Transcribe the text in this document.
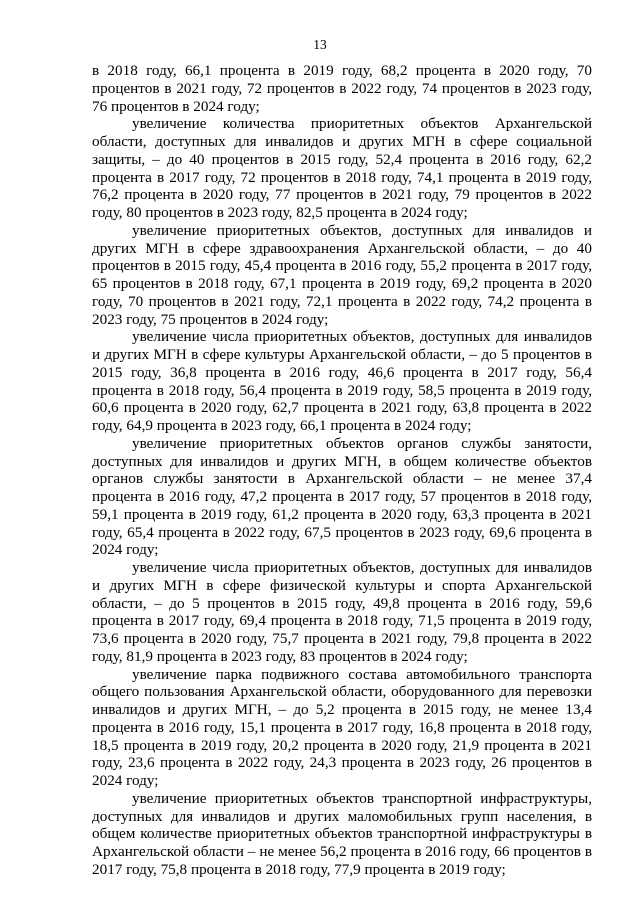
13

в 2018 году, 66,1 процента в 2019 году, 68,2 процента в 2020 году, 70 процентов в 2021 году, 72 процентов в 2022 году, 74 процентов в 2023 году, 76 процентов в 2024 году;

увеличение количества приоритетных объектов Архангельской области, доступных для инвалидов и других МГН в сфере социальной защиты, – до 40 процентов в 2015 году, 52,4 процента в 2016 году, 62,2 процента в 2017 году, 72 процентов в 2018 году, 74,1 процента в 2019 году, 76,2 процента в 2020 году, 77 процентов в 2021 году, 79 процентов в 2022 году, 80 процентов в 2023 году, 82,5 процента в 2024 году;

увеличение приоритетных объектов, доступных для инвалидов и других МГН в сфере здравоохранения Архангельской области, – до 40 процентов в 2015 году, 45,4 процента в 2016 году, 55,2 процента в 2017 году, 65 процентов в 2018 году, 67,1 процента в 2019 году, 69,2 процента в 2020 году, 70 процентов в 2021 году, 72,1 процента в 2022 году, 74,2 процента в 2023 году, 75 процентов в 2024 году;

увеличение числа приоритетных объектов, доступных для инвалидов и других МГН в сфере культуры Архангельской области, – до 5 процентов в 2015 году, 36,8 процента в 2016 году, 46,6 процента в 2017 году, 56,4 процента в 2018 году, 56,4 процента в 2019 году, 58,5 процента в 2019 году, 60,6 процента в 2020 году, 62,7 процента в 2021 году, 63,8 процента в 2022 году, 64,9 процента в 2023 году, 66,1 процента в 2024 году;

увеличение приоритетных объектов органов службы занятости, доступных для инвалидов и других МГН, в общем количестве объектов органов службы занятости в Архангельской области – не менее 37,4 процента в 2016 году, 47,2 процента в 2017 году, 57 процентов в 2018 году, 59,1 процента в 2019 году, 61,2 процента в 2020 году, 63,3 процента в 2021 году, 65,4 процента в 2022 году, 67,5 процентов в 2023 году, 69,6 процента в 2024 году;

увеличение числа приоритетных объектов, доступных для инвалидов и других МГН в сфере физической культуры и спорта Архангельской области, – до 5 процентов в 2015 году, 49,8 процента в 2016 году, 59,6 процента в 2017 году, 69,4 процента в 2018 году, 71,5 процента в 2019 году, 73,6 процента в 2020 году, 75,7 процента в 2021 году, 79,8 процента в 2022 году, 81,9 процента в 2023 году, 83 процентов в 2024 году;

увеличение парка подвижного состава автомобильного транспорта общего пользования Архангельской области, оборудованного для перевозки инвалидов и других МГН, – до 5,2 процента в 2015 году, не менее 13,4 процента в 2016 году, 15,1 процента в 2017 году, 16,8 процента в 2018 году, 18,5 процента в 2019 году, 20,2 процента в 2020 году, 21,9 процента в 2021 году, 23,6 процента в 2022 году, 24,3 процента в 2023 году, 26 процентов в 2024 году;

увеличение приоритетных объектов транспортной инфраструктуры, доступных для инвалидов и других маломобильных групп населения, в общем количестве приоритетных объектов транспортной инфраструктуры в Архангельской области – не менее 56,2 процента в 2016 году, 66 процентов в 2017 году, 75,8 процента в 2018 году, 77,9 процента в 2019 году;
